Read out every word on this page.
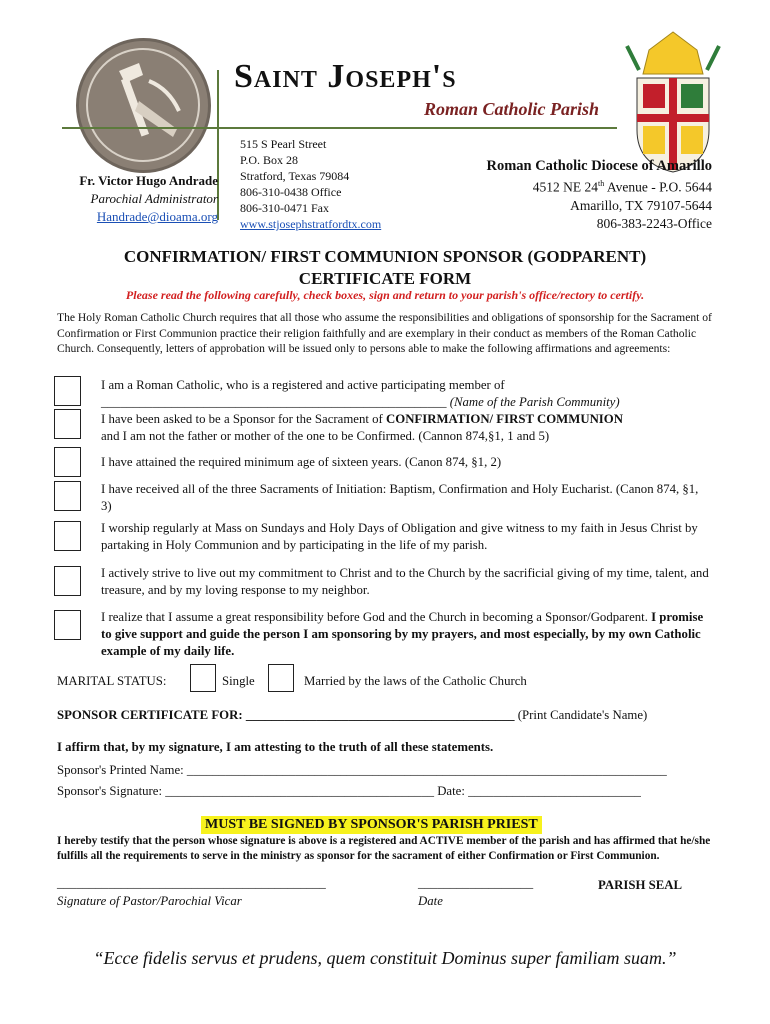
Saint Joseph's
Roman Catholic Parish
Fr. Victor Hugo Andrade
Parochial Administrator
Handrade@dioama.org
515 S Pearl Street
P.O. Box 28
Stratford, Texas 79084
806-310-0438 Office
806-310-0471 Fax
www.stjosephstratfordtx.com
Roman Catholic Diocese of Amarillo
4512 NE 24th Avenue - P.O. 5644
Amarillo, TX 79107-5644
806-383-2243-Office
CONFIRMATION/ FIRST COMMUNION SPONSOR (GODPARENT)
CERTIFICATE FORM
Please read the following carefully, check boxes, sign and return to your parish's office/rectory to certify.
The Holy Roman Catholic Church requires that all those who assume the responsibilities and obligations of sponsorship for the Sacrament of Confirmation or First Communion practice their religion faithfully and are exemplary in their conduct as members of the Roman Catholic Church. Consequently, letters of approbation will be issued only to persons able to make the following affirmations and agreements:
I am a Roman Catholic, who is a registered and active participating member of
______________________________________________________ (Name of the Parish Community)
I have been asked to be a Sponsor for the Sacrament of CONFIRMATION/ FIRST COMMUNION
and I am not the father or mother of the one to be Confirmed. (Cannon 874,§1, 1 and 5)
I have attained the required minimum age of sixteen years. (Canon 874, §1, 2)
I have received all of the three Sacraments of Initiation: Baptism, Confirmation and Holy Eucharist. (Canon 874, §1, 3)
I worship regularly at Mass on Sundays and Holy Days of Obligation and give witness to my faith in Jesus Christ by partaking in Holy Communion and by participating in the life of my parish.
I actively strive to live out my commitment to Christ and to the Church by the sacrificial giving of my time, talent, and treasure, and by my loving response to my neighbor.
I realize that I assume a great responsibility before God and the Church in becoming a Sponsor/Godparent. I promise to give support and guide the person I am sponsoring by my prayers, and most especially, by my own Catholic example of my daily life.
MARITAL STATUS:	Single	Married by the laws of the Catholic Church
SPONSOR CERTIFICATE FOR: __________________________________________ (Print Candidate's Name)
I affirm that, by my signature, I am attesting to the truth of all these statements.
Sponsor's Printed Name: ___________________________________________________________________________
Sponsor's Signature: __________________________________________ Date: ___________________________
MUST BE SIGNED BY SPONSOR'S PARISH PRIEST
I hereby testify that the person whose signature is above is a registered and ACTIVE member of the parish and has affirmed that he/she fulfills all the requirements to serve in the ministry as sponsor for the sacrament of either Confirmation or First Communion.
__________________________________________
Signature of Pastor/Parochial Vicar
__________________
Date
PARISH SEAL
“Ecce fidelis servus et prudens, quem constituit Dominus super familiam suam.”
